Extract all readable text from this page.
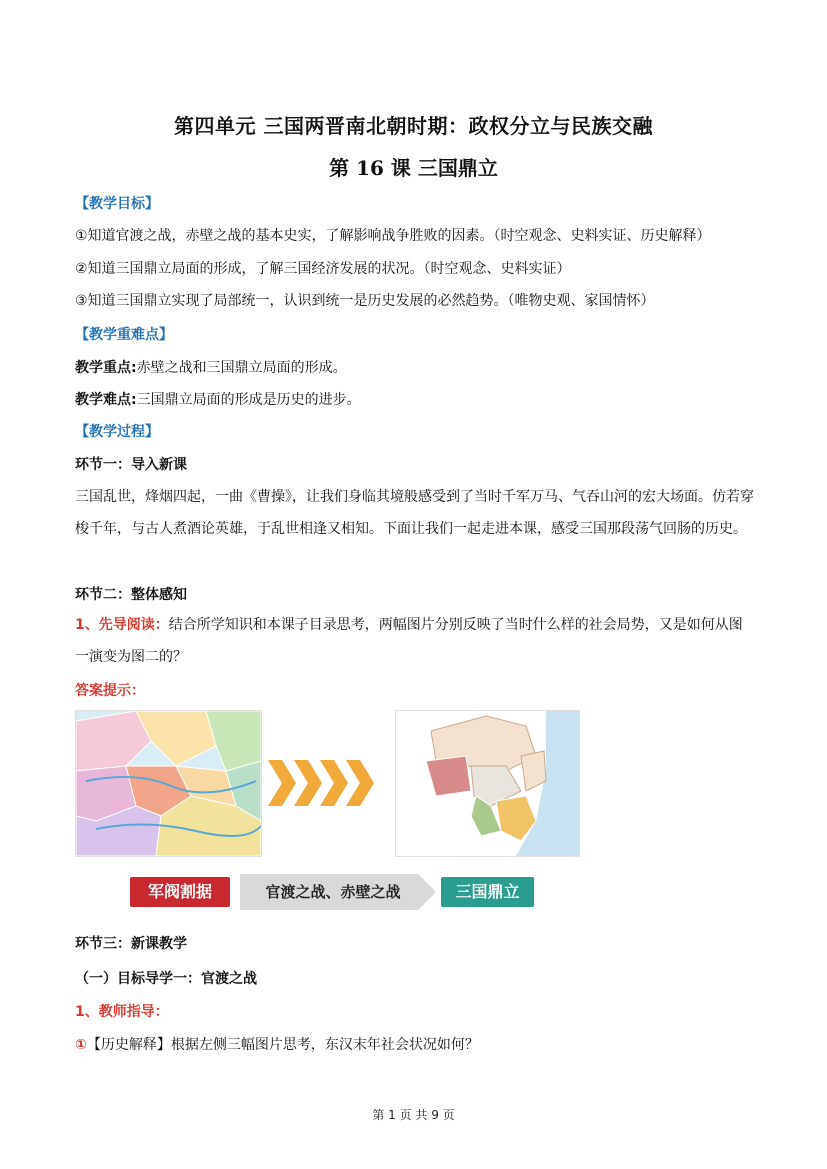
第四单元 三国两晋南北朝时期：政权分立与民族交融
第 16 课 三国鼎立
【教学目标】
①知道官渡之战，赤壁之战的基本史实，了解影响战争胜败的因素。（时空观念、史料实证、历史解释）
②知道三国鼎立局面的形成，了解三国经济发展的状况。（时空观念、史料实证）
③知道三国鼎立实现了局部统一，认识到统一是历史发展的必然趋势。（唯物史观、家国情怀）
【教学重难点】
教学重点:赤壁之战和三国鼎立局面的形成。
教学难点:三国鼎立局面的形成是历史的进步。
【教学过程】
环节一：导入新课
三国乱世，烽烟四起，一曲《曹操》，让我们身临其境般感受到了当时千军万马、气吞山河的宏大场面。仿若穿梭千年，与古人煮酒论英雄，于乱世相逢又相知。下面让我们一起走进本课，感受三国那段荡气回肠的历史。
环节二：整体感知
1、先导阅读：结合所学知识和本课子目录思考，两幅图片分别反映了当时什么样的社会局势，又是如何从图一演变为图二的？
答案提示：
军阀割据	官渡之战、赤壁之战	三国鼎立
环节三：新课教学
（一）目标导学一：官渡之战
1、教师指导：
①【历史解释】根据左侧三幅图片思考，东汉末年社会状况如何？
第 1 页 共 9 页
